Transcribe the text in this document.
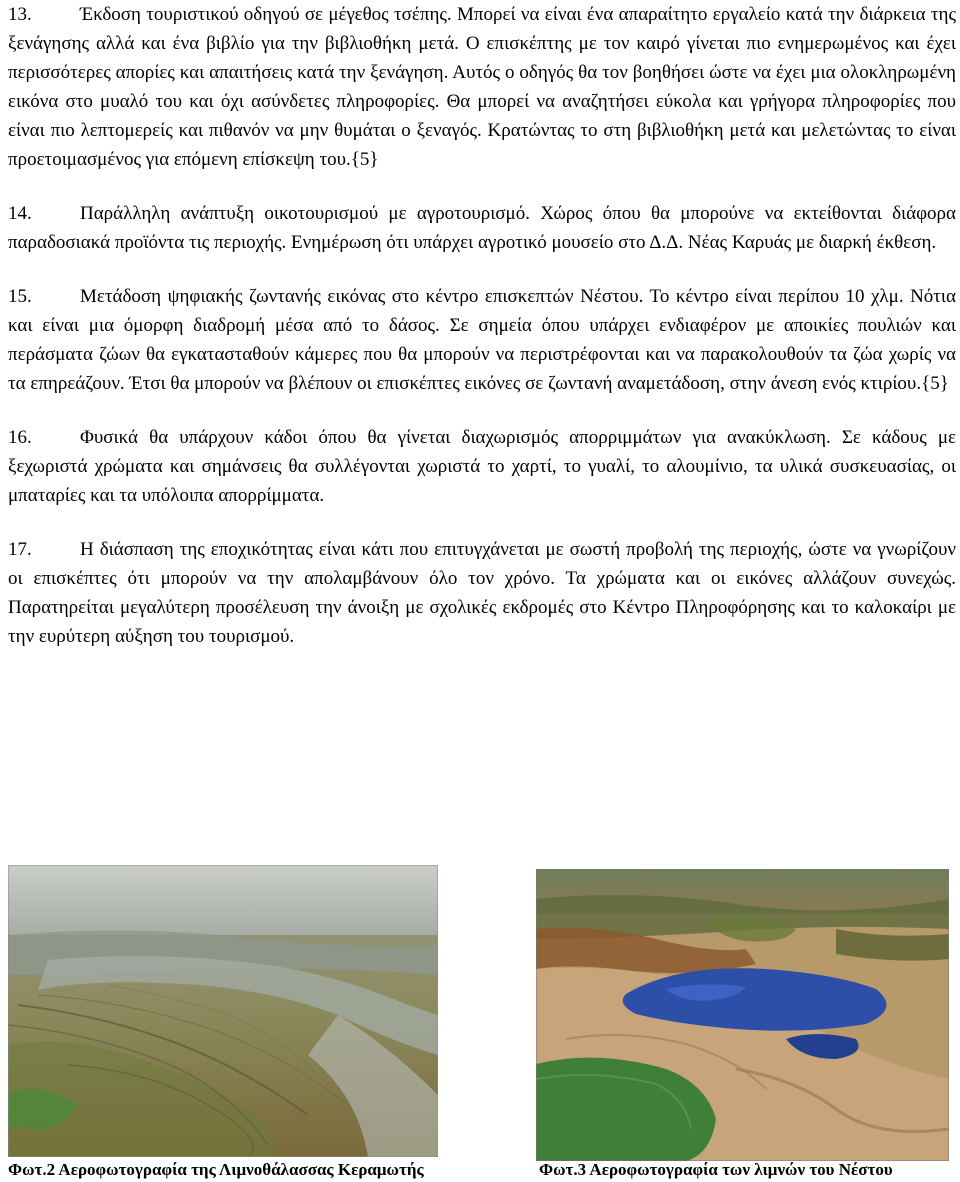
13.	Έκδοση τουριστικού οδηγού σε μέγεθος τσέπης. Μπορεί να είναι ένα απαραίτητο εργαλείο κατά την διάρκεια της ξενάγησης αλλά και ένα βιβλίο για την βιβλιοθήκη μετά. Ο επισκέπτης με τον καιρό γίνεται πιο ενημερωμένος και έχει περισσότερες απορίες και απαιτήσεις κατά την ξενάγηση. Αυτός ο οδηγός θα τον βοηθήσει ώστε να έχει μια ολοκληρωμένη εικόνα στο μυαλό του και όχι ασύνδετες πληροφορίες. Θα μπορεί να αναζητήσει εύκολα και γρήγορα πληροφορίες που είναι πιο λεπτομερείς και πιθανόν να μην θυμάται ο ξεναγός. Κρατώντας το στη βιβλιοθήκη μετά και μελετώντας το είναι προετοιμασμένος για επόμενη επίσκεψη του.{5}

14.	Παράλληλη ανάπτυξη οικοτουρισμού με αγροτουρισμό. Χώρος όπου θα μπορούνε να εκτείθονται διάφορα παραδοσιακά προϊόντα τις περιοχής. Ενημέρωση ότι υπάρχει αγροτικό μουσείο στο Δ.Δ. Νέας Καρυάς με διαρκή έκθεση.

15.	Μετάδοση ψηφιακής ζωντανής εικόνας στο κέντρο επισκεπτών Νέστου. Το κέντρο είναι περίπου 10 χλμ. Νότια και είναι μια όμορφη διαδρομή μέσα από το δάσος. Σε σημεία όπου υπάρχει ενδιαφέρον με αποικίες πουλιών και περάσματα ζώων θα εγκατασταθούν κάμερες που θα μπορούν να περιστρέφονται και να παρακολουθούν τα ζώα χωρίς να τα επηρεάζουν. Έτσι θα μπορούν να βλέπουν οι επισκέπτες εικόνες σε ζωντανή αναμετάδοση, στην άνεση ενός κτιρίου.{5}

16.	Φυσικά θα υπάρχουν κάδοι όπου θα γίνεται διαχωρισμός απορριμμάτων για ανακύκλωση. Σε κάδους με ξεχωριστά χρώματα και σημάνσεις θα συλλέγονται χωριστά το χαρτί, το γυαλί, το αλουμίνιο, τα υλικά συσκευασίας, οι μπαταρίες και τα υπόλοιπα απορρίμματα.

17.	Η διάσπαση της εποχικότητας είναι κάτι που επιτυγχάνεται με σωστή προβολή της περιοχής, ώστε να γνωρίζουν οι επισκέπτες ότι μπορούν να την απολαμβάνουν όλο τον χρόνο. Τα χρώματα και οι εικόνες αλλάζουν συνεχώς. Παρατηρείται μεγαλύτερη προσέλευση την άνοιξη με σχολικές εκδρομές στο Κέντρο Πληροφόρησης και το καλοκαίρι με την ευρύτερη αύξηση του τουρισμού.

Φωτ.2 Αεροφωτογραφία της Λιμνοθάλασσας Κεραμωτής	Φωτ.3 Αεροφωτογραφία των λιμνών του Νέστου
